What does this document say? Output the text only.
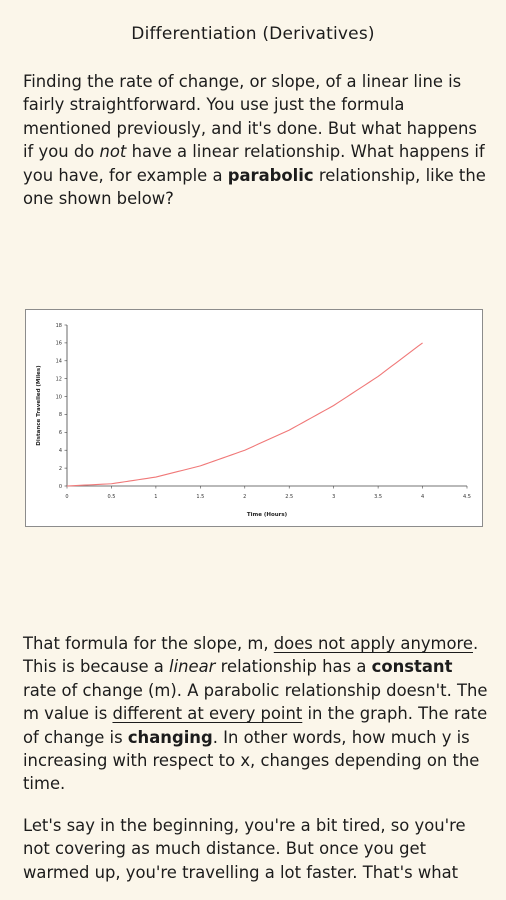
Differentiation (Derivatives)
Finding the rate of change, or slope, of a linear line is fairly straightforward. You use just the formula mentioned previously, and it's done. But what happens if you do not have a linear relationship. What happens if you have, for example a parabolic relationship, like the one shown below?
0
2
4
6
8
10
12
14
16
18
0	0.5	1	1.5	2	2.5	3	3.5	4	4.5
Time (Hours)
Distance Travelled (Miles)
That formula for the slope, m, does not apply anymore. This is because a linear relationship has a constant rate of change (m). A parabolic relationship doesn't. The m value is different at every point in the graph. The rate of change is changing. In other words, how much y is increasing with respect to x, changes depending on the time.
Let's say in the beginning, you're a bit tired, so you're not covering as much distance. But once you get warmed up, you're travelling a lot faster. That's what
